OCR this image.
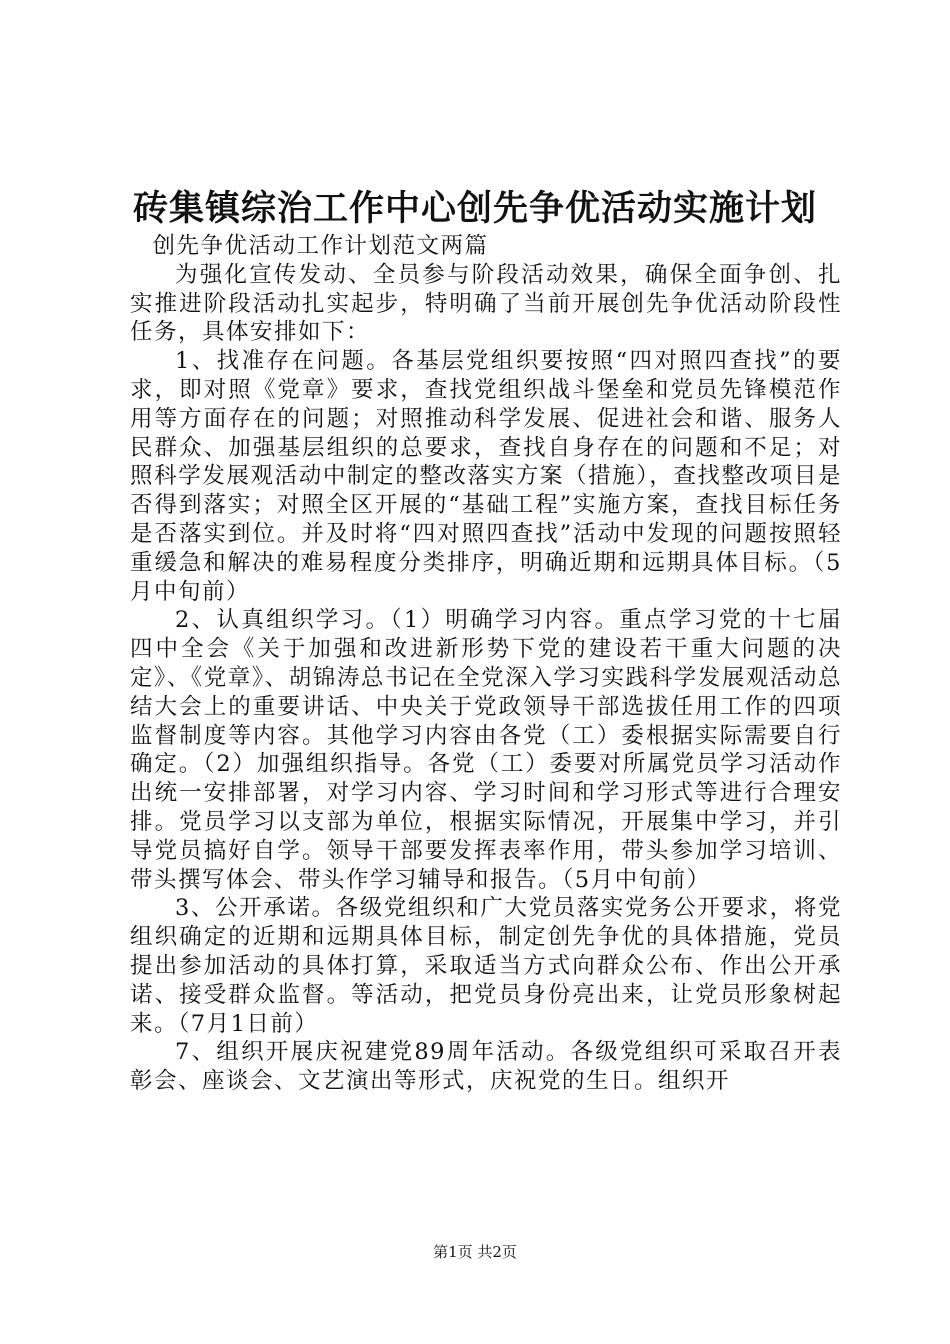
砖集镇综治工作中心创先争优活动实施计划

创先争优活动工作计划范文两篇

为强化宣传发动、全员参与阶段活动效果，确保全面争创、扎实推进阶段活动扎实起步，特明确了当前开展创先争优活动阶段性任务，具体安排如下：

1、找准存在问题。各基层党组织要按照“四对照四查找”的要求，即对照《党章》要求，查找党组织战斗堡垒和党员先锋模范作用等方面存在的问题；对照推动科学发展、促进社会和谐、服务人民群众、加强基层组织的总要求，查找自身存在的问题和不足；对照科学发展观活动中制定的整改落实方案（措施），查找整改项目是否得到落实；对照全区开展的“基础工程”实施方案，查找目标任务是否落实到位。并及时将“四对照四查找”活动中发现的问题按照轻重缓急和解决的难易程度分类排序，明确近期和远期具体目标。（5月中旬前）

2、认真组织学习。（1）明确学习内容。重点学习党的十七届四中全会《关于加强和改进新形势下党的建设若干重大问题的决定》、《党章》、胡锦涛总书记在全党深入学习实践科学发展观活动总结大会上的重要讲话、中央关于党政领导干部选拔任用工作的四项监督制度等内容。其他学习内容由各党（工）委根据实际需要自行确定。（2）加强组织指导。各党（工）委要对所属党员学习活动作出统一安排部署，对学习内容、学习时间和学习形式等进行合理安排。党员学习以支部为单位，根据实际情况，开展集中学习，并引导党员搞好自学。领导干部要发挥表率作用，带头参加学习培训、带头撰写体会、带头作学习辅导和报告。（5月中旬前）

3、公开承诺。各级党组织和广大党员落实党务公开要求，将党组织确定的近期和远期具体目标，制定创先争优的具体措施，党员提出参加活动的具体打算，采取适当方式向群众公布、作出公开承诺、接受群众监督。等活动，把党员身份亮出来，让党员形象树起来。（7月1日前）

7、组织开展庆祝建党89周年活动。各级党组织可采取召开表彰会、座谈会、文艺演出等形式，庆祝党的生日。组织开

第1页 共2页
